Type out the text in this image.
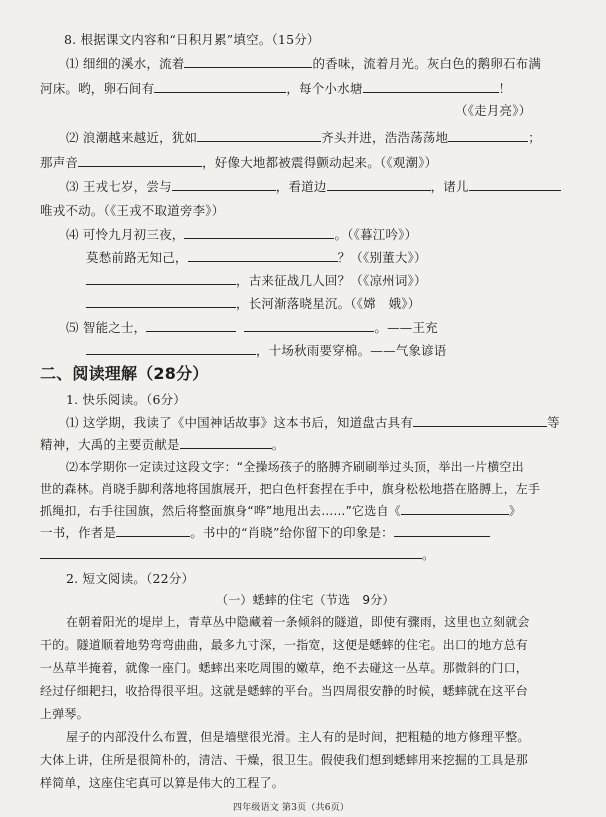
8. 根据课文内容和“日积月累”填空。（15分）
⑴ 细细的溪水，流着	的香味，流着月光。灰白色的鹅卵石布满
河床。哟，卵石间有	，每个小水塘	！
（《走月亮》）
⑵ 浪潮越来越近，犹如	齐头并进，浩浩荡荡地	；
那声音	，好像大地都被震得颤动起来。（《观潮》）
⑶ 王戎七岁，尝与	，看道边	，诸儿
唯戎不动。（《王戎不取道旁李》）
⑷ 可怜九月初三夜，	。（《暮江吟》）
莫愁前路无知己，	？（《别董大》）
，古来征战几人回？（《凉州词》）
，长河渐落晓星沉。（《嫦　娥》）
⑸ 智能之士，	。——王充
，十场秋雨要穿棉。——气象谚语
二、阅读理解（28分）
1. 快乐阅读。（6分）
⑴ 这学期，我读了《中国神话故事》这本书后，知道盘古具有	等
精神，大禹的主要贡献是	。
⑵本学期你一定读过这段文字：“全操场孩子的胳膊齐刷刷举过头顶，举出一片横空出
世的森林。肖晓手脚利落地将国旗展开，把白色杆套捏在手中，旗身松松地搭在胳膊上，左手
抓绳扣，右手往国旗，然后将整面旗身“哗”地甩出去……”它选自《	》
一书，作者是	。书中的“肖晓”给你留下的印象是：
。
2. 短文阅读。（22分）
（一）蟋蟀的住宅（节选　9分）
在朝着阳光的堤岸上，青草丛中隐藏着一条倾斜的隧道，即使有骤雨，这里也立刻就会
干的。隧道顺着地势弯弯曲曲，最多九寸深，一指宽，这便是蟋蟀的住宅。出口的地方总有
一丛草半掩着，就像一座门。蟋蟀出来吃周围的嫩草，绝不去碰这一丛草。那微斜的门口，
经过仔细耙扫，收拾得很平坦。这就是蟋蟀的平台。当四周很安静的时候，蟋蟀就在这平台
上弹琴。
屋子的内部没什么布置，但是墙壁很光滑。主人有的是时间，把粗糙的地方修理平整。
大体上讲，住所是很简朴的，清洁、干燥，很卫生。假使我们想到蟋蟀用来挖掘的工具是那
样简单，这座住宅真可以算是伟大的工程了。
四年级语文 第3页（共6页）
